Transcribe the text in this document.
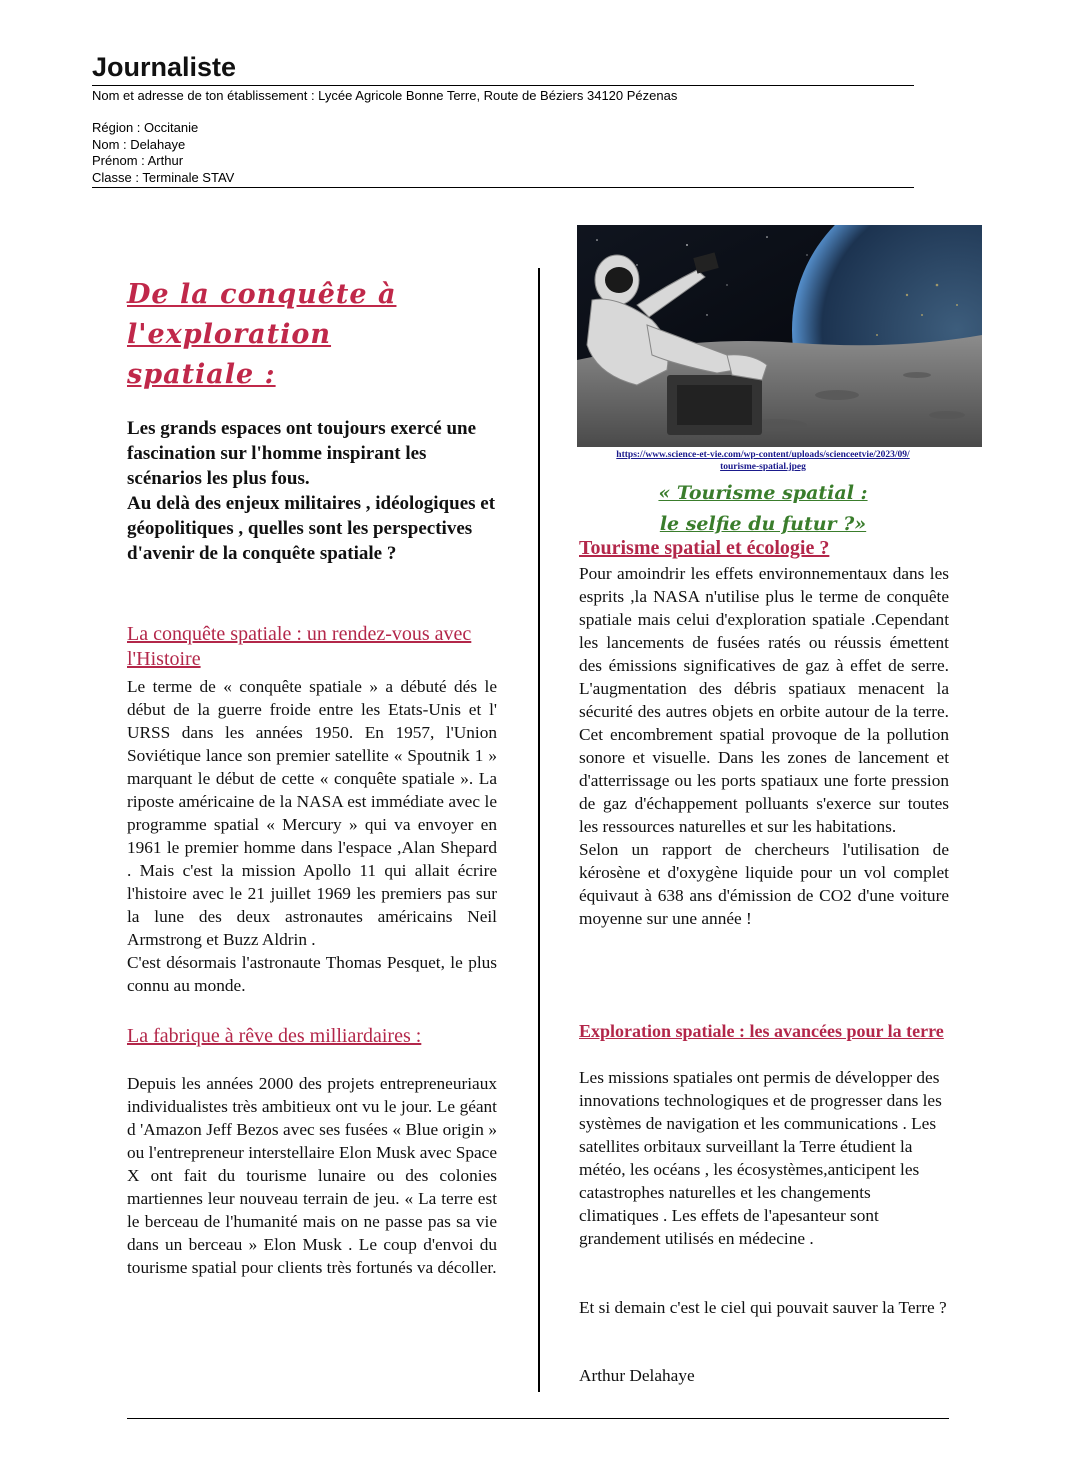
Journaliste
Nom et adresse de ton établissement : Lycée Agricole Bonne Terre, Route de Béziers 34120 Pézenas
Région : Occitanie
Nom : Delahaye
Prénom : Arthur
Classe : Terminale STAV
De la conquête à
l'exploration
spatiale :

Les grands espaces ont toujours exercé une fascination sur l'homme inspirant les scénarios les plus fous.

Au delà des enjeux militaires , idéologiques et géopolitiques , quelles sont les perspectives d'avenir de la conquête spatiale ?

La conquête spatiale : un rendez-vous avec l'Histoire

Le terme de « conquête spatiale » a débuté dés le début de la guerre froide entre les Etats-Unis et l' URSS dans les années 1950. En 1957, l'Union Soviétique lance son premier satellite « Spoutnik 1 » marquant le début de cette « conquête spatiale ». La riposte américaine de la NASA est immédiate avec le programme spatial « Mercury » qui va envoyer en 1961 le premier homme dans l'espace ,Alan Shepard . Mais c'est la mission Apollo 11 qui allait écrire l'histoire avec le 21 juillet 1969 les premiers pas sur la lune des deux astronautes américains Neil Armstrong et Buzz Aldrin .

C'est désormais l'astronaute Thomas Pesquet, le plus connu au monde.

La fabrique à rêve des milliardaires :

Depuis les années 2000 des projets entrepreneuriaux individualistes très ambitieux ont vu le jour. Le géant d 'Amazon Jeff Bezos avec ses fusées « Blue origin » ou l'entrepreneur interstellaire Elon Musk avec Space X ont fait du tourisme lunaire ou des colonies martiennes leur nouveau terrain de jeu. « La terre est le berceau de l'humanité mais on ne passe pas sa vie dans un berceau » Elon Musk . Le coup d'envoi du tourisme spatial pour clients très fortunés va décoller.

https://www.science-et-vie.com/wp-content/uploads/scienceetvie/2023/09/
tourisme-spatial.jpeg
« Tourisme spatial :
le selfie du futur ?»
Tourisme spatial et écologie ?

Pour amoindrir les effets environnementaux dans les esprits ,la NASA n'utilise plus le terme de conquête spatiale mais celui d'exploration spatiale .Cependant les lancements de fusées ratés ou réussis émettent des émissions significatives de gaz à effet de serre. L'augmentation des débris spatiaux menacent la sécurité des autres objets en orbite autour de la terre. Cet encombrement spatial provoque de la pollution sonore et visuelle. Dans les zones de lancement et d'atterrissage ou les ports spatiaux une forte pression de gaz d'échappement polluants s'exerce sur toutes les ressources naturelles et sur les habitations.

Selon un rapport de chercheurs l'utilisation de kérosène et d'oxygène liquide pour un vol complet équivaut à 638 ans d'émission de CO2 d'une voiture moyenne sur une année !

Exploration spatiale : les avancées pour la terre

Les missions spatiales ont permis de développer des innovations technologiques et de progresser dans les systèmes de navigation et les communications . Les satellites orbitaux surveillant la Terre étudient la météo, les océans , les écosystèmes,anticipent les catastrophes naturelles et les changements climatiques . Les effets de l'apesanteur sont grandement utilisés en médecine .

Et si demain c'est le ciel qui pouvait sauver la Terre ?
Arthur Delahaye
